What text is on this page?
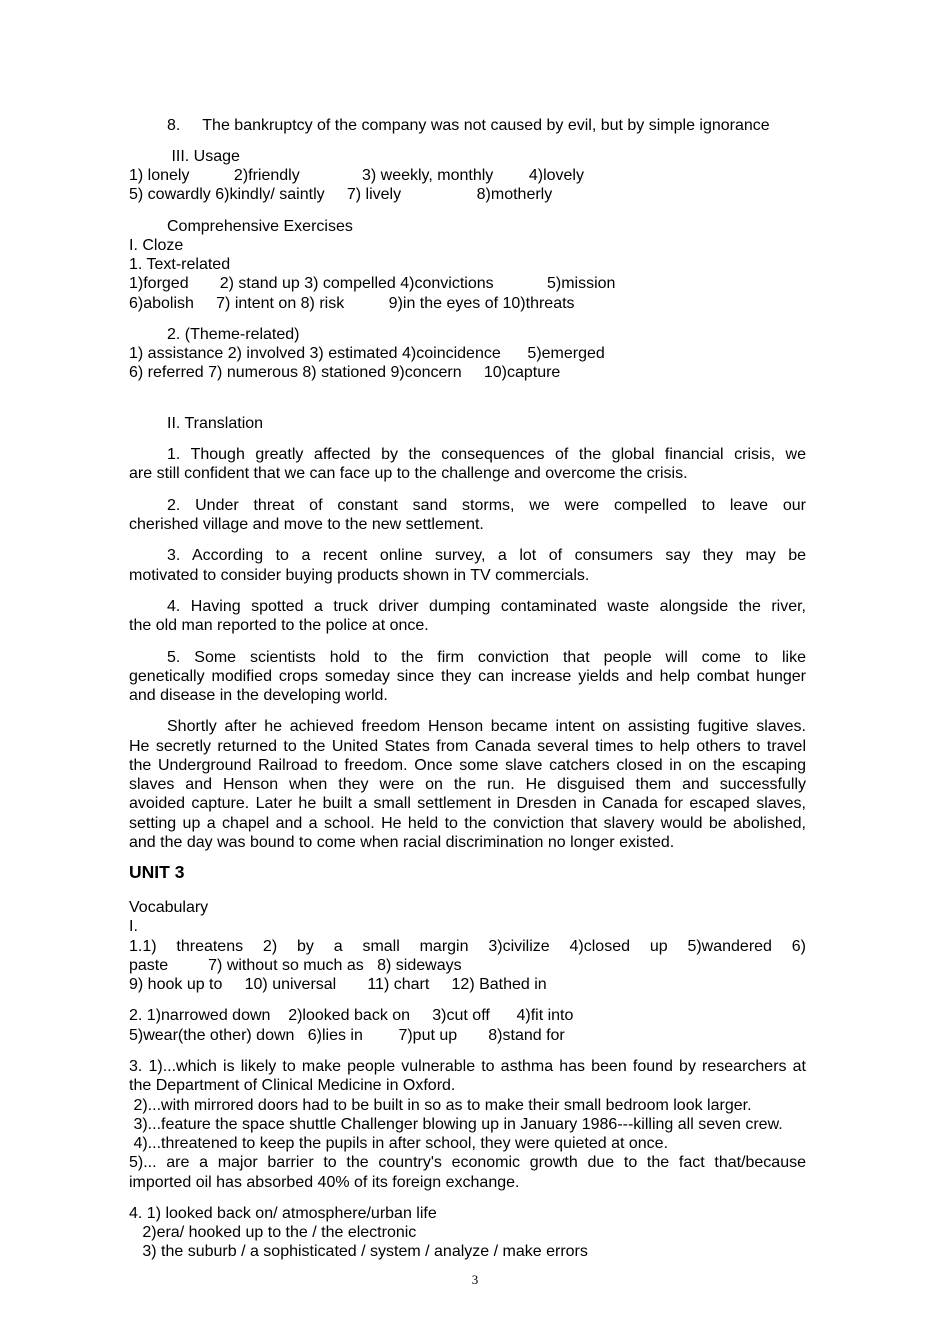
8.     The bankruptcy of the company was not caused by evil, but by simple ignorance
III. Usage
1) lonely          2)friendly              3) weekly, monthly        4)lovely
5) cowardly 6)kindly/ saintly     7) lively                 8)motherly
Comprehensive Exercises
I. Cloze
1. Text-related
1)forged       2) stand up 3) compelled 4)convictions            5)mission
6)abolish     7) intent on 8) risk          9)in the eyes of 10)threats
2. (Theme-related)
1) assistance 2) involved 3) estimated 4)coincidence      5)emerged
6) referred 7) numerous 8) stationed 9)concern     10)capture
II. Translation
1. Though greatly affected by the consequences of the global financial crisis, we
are still confident that we can face up to the challenge and overcome the crisis.
2. Under threat of constant sand storms, we were compelled to leave our
cherished village and move to the new settlement.
3. According to a recent online survey, a lot of consumers say they may be
motivated to consider buying products shown in TV commercials.
4. Having spotted a truck driver dumping contaminated waste alongside the river,
the old man reported to the police at once.
5. Some scientists hold to the firm conviction that people will come to like
genetically modified crops someday since they can increase yields and help combat hunger
and disease in the developing world.
Shortly after he achieved freedom Henson became intent on assisting fugitive slaves.
He secretly returned to the United States from Canada several times to help others to travel
the Underground Railroad to freedom. Once some slave catchers closed in on the escaping
slaves and Henson when they were on the run. He disguised them and successfully
avoided capture. Later he built a small settlement in Dresden in Canada for escaped slaves,
setting up a chapel and a school. He held to the conviction that slavery would be abolished,
and the day was bound to come when racial discrimination no longer existed.
UNIT 3
Vocabulary
I.
1.1) threatens 2) by a small margin 3)civilize 4)closed up 5)wandered 6)
paste         7) without so much as   8) sideways
9) hook up to     10) universal       11) chart     12) Bathed in
2. 1)narrowed down    2)looked back on     3)cut off      4)fit into
5)wear(the other) down   6)lies in        7)put up       8)stand for
3. 1)...which is likely to make people vulnerable to asthma has been found by researchers at
the Department of Clinical Medicine in Oxford.
2)...with mirrored doors had to be built in so as to make their small bedroom look larger.
3)...feature the space shuttle Challenger blowing up in January 1986---killing all seven crew.
4)...threatened to keep the pupils in after school, they were quieted at once.
5)... are a major barrier to the country's economic growth due to the fact that/because
imported oil has absorbed 40% of its foreign exchange.
4. 1) looked back on/ atmosphere/urban life
2)era/ hooked up to the / the electronic
3) the suburb / a sophisticated / system / analyze / make errors
3
